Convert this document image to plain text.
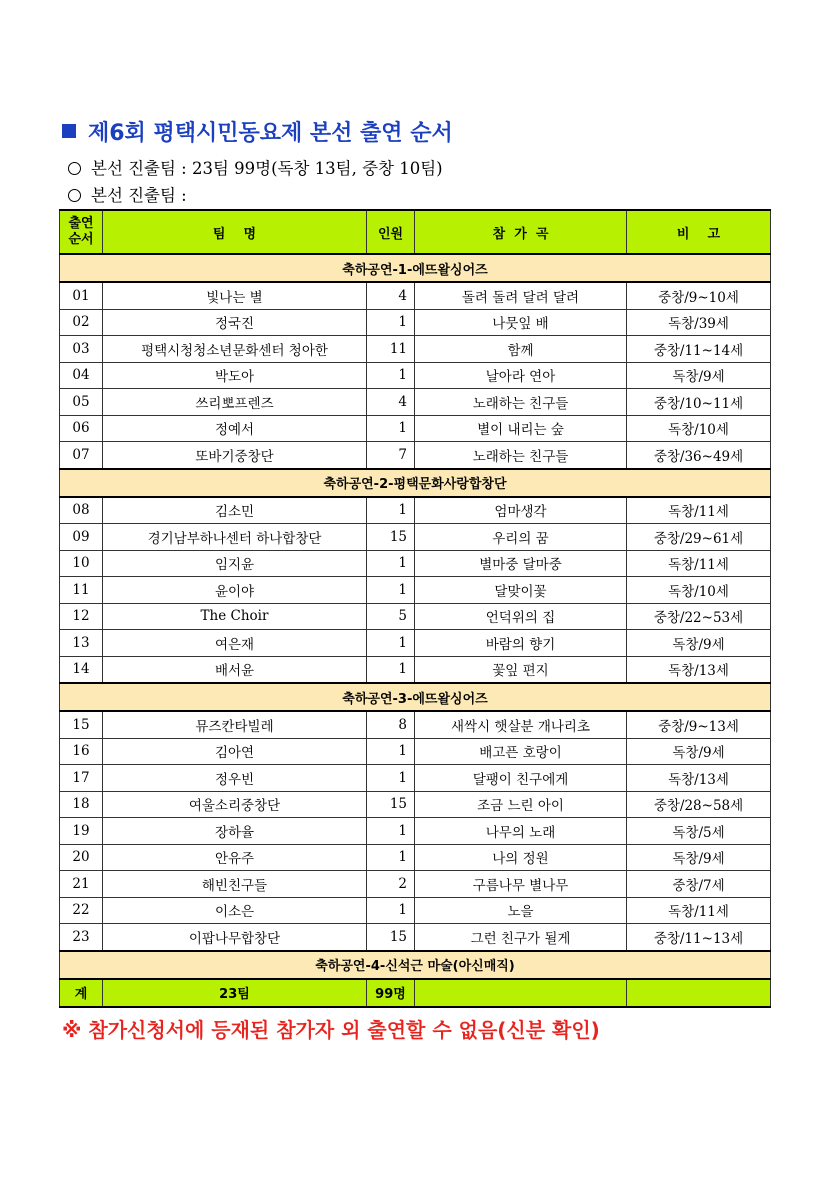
제6회 평택시민동요제 본선 출연 순서
본선 진출팀 : 23팀 99명(독창 13팀, 중창 10팀)
본선 진출팀 :
출연
순서	팀    명	인원	참  가  곡	비    고
축하공연-1-에뜨왈싱어즈				
01	빛나는 별	4	돌려 돌려 달려 달려	중창/9~10세
02	정국진	1	나뭇잎 배	독창/39세
03	평택시청청소년문화센터 청아한	11	함께	중창/11~14세
04	박도아	1	날아라 연아	독창/9세
05	쓰리뽀프렌즈	4	노래하는 친구들	중창/10~11세
06	정예서	1	별이 내리는 숲	독창/10세
07	또바기중창단	7	노래하는 친구들	중창/36~49세
축하공연-2-평택문화사랑합창단				
08	김소민	1	엄마생각	독창/11세
09	경기남부하나센터 하나합창단	15	우리의 꿈	중창/29~61세
10	임지윤	1	별마중 달마중	독창/11세
11	윤이야	1	달맞이꽃	독창/10세
12	The Choir	5	언덕위의 집	중창/22~53세
13	여은재	1	바람의 향기	독창/9세
14	배서윤	1	꽃잎 편지	독창/13세
축하공연-3-에뜨왈싱어즈				
15	뮤즈칸타빌레	8	새싹시 햇살분 개나리초	중창/9~13세
16	김아연	1	배고픈 호랑이	독창/9세
17	정우빈	1	달팽이 친구에게	독창/13세
18	여울소리중창단	15	조금 느린 아이	중창/28~58세
19	장하율	1	나무의 노래	독창/5세
20	안유주	1	나의 정원	독창/9세
21	해빈친구들	2	구름나무 별나무	중창/7세
22	이소은	1	노을	독창/11세
23	이팝나무합창단	15	그런 친구가 될게	중창/11~13세
축하공연-4-신석근 마술(아신매직)				
계	23팀	99명		
※ 참가신청서에 등재된 참가자 외 출연할 수 없음(신분 확인)
